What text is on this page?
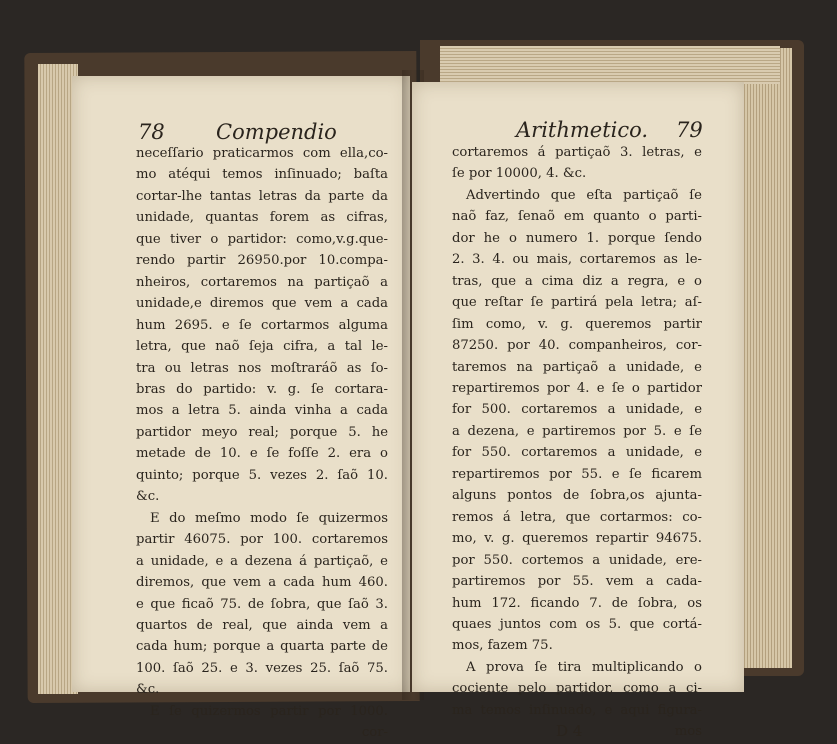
78 Compendio
neceſſario praticarmos com ella,co-
mo atéqui temos inſinuado; baſta
cortar-lhe tantas letras da parte da
unidade, quantas forem as cifras,
que tiver o partidor: como,v.g.que-
rendo partir 26950.por 10.compa-
nheiros, cortaremos na partiçaõ a
unidade,e diremos que vem a cada
hum 2695. e ſe cortarmos alguma
letra, que naõ ſeja cifra, a tal le-
tra ou letras nos moſtraráõ as ſo-
bras do partido: v. g. ſe cortara-
mos a letra 5. ainda vinha a cada
partidor meyo real; porque 5. he
metade de 10. e ſe foſſe 2. era o
quinto; porque 5. vezes 2. ſaõ 10.
&c.
E do meſmo modo ſe quizermos
partir 46075. por 100. cortaremos
a unidade, e a dezena á partiçaõ, e
diremos, que vem a cada hum 460.
e que ficaõ 75. de ſobra, que ſaõ 3.
quartos de real, que ainda vem a
cada hum; porque a quarta parte de
100. ſaõ 25. e 3. vezes 25. ſaõ 75.
&c.
E ſe quizermos partir por 1000.
cor-
Arithmetico. 79
cortaremos á partiçaõ 3. letras, e
ſe por 10000, 4. &c.
Advertindo que eſta partiçaõ ſe
naõ faz, ſenaõ em quanto o parti-
dor he o numero 1. porque ſendo
2. 3. 4. ou mais, cortaremos as le-
tras, que a cima diz a regra, e o
que reſtar ſe partirá pela letra; aſ-
ſim como, v. g. queremos partir
87250. por 40. companheiros, cor-
taremos na partiçaõ a unidade, e
repartiremos por 4. e ſe o partidor
for 500. cortaremos a unidade, e
a dezena, e partiremos por 5. e ſe
for 550. cortaremos a unidade, e
repartiremos por 55. e ſe ficarem
alguns pontos de ſobra,os ajunta-
remos á letra, que cortarmos: co-
mo, v. g. queremos repartir 94675.
por 550. cortemos a unidade, ere-
partiremos por 55. vem a cada-
hum 172. ficando 7. de ſobra, os
quaes juntos com os 5. que cortá-
mos, fazem 75.
A prova ſe tira multiplicando o
cociente pelo partidor, como a ci-
ma temos inſinuado, e aqui figura-
D 4	mos
